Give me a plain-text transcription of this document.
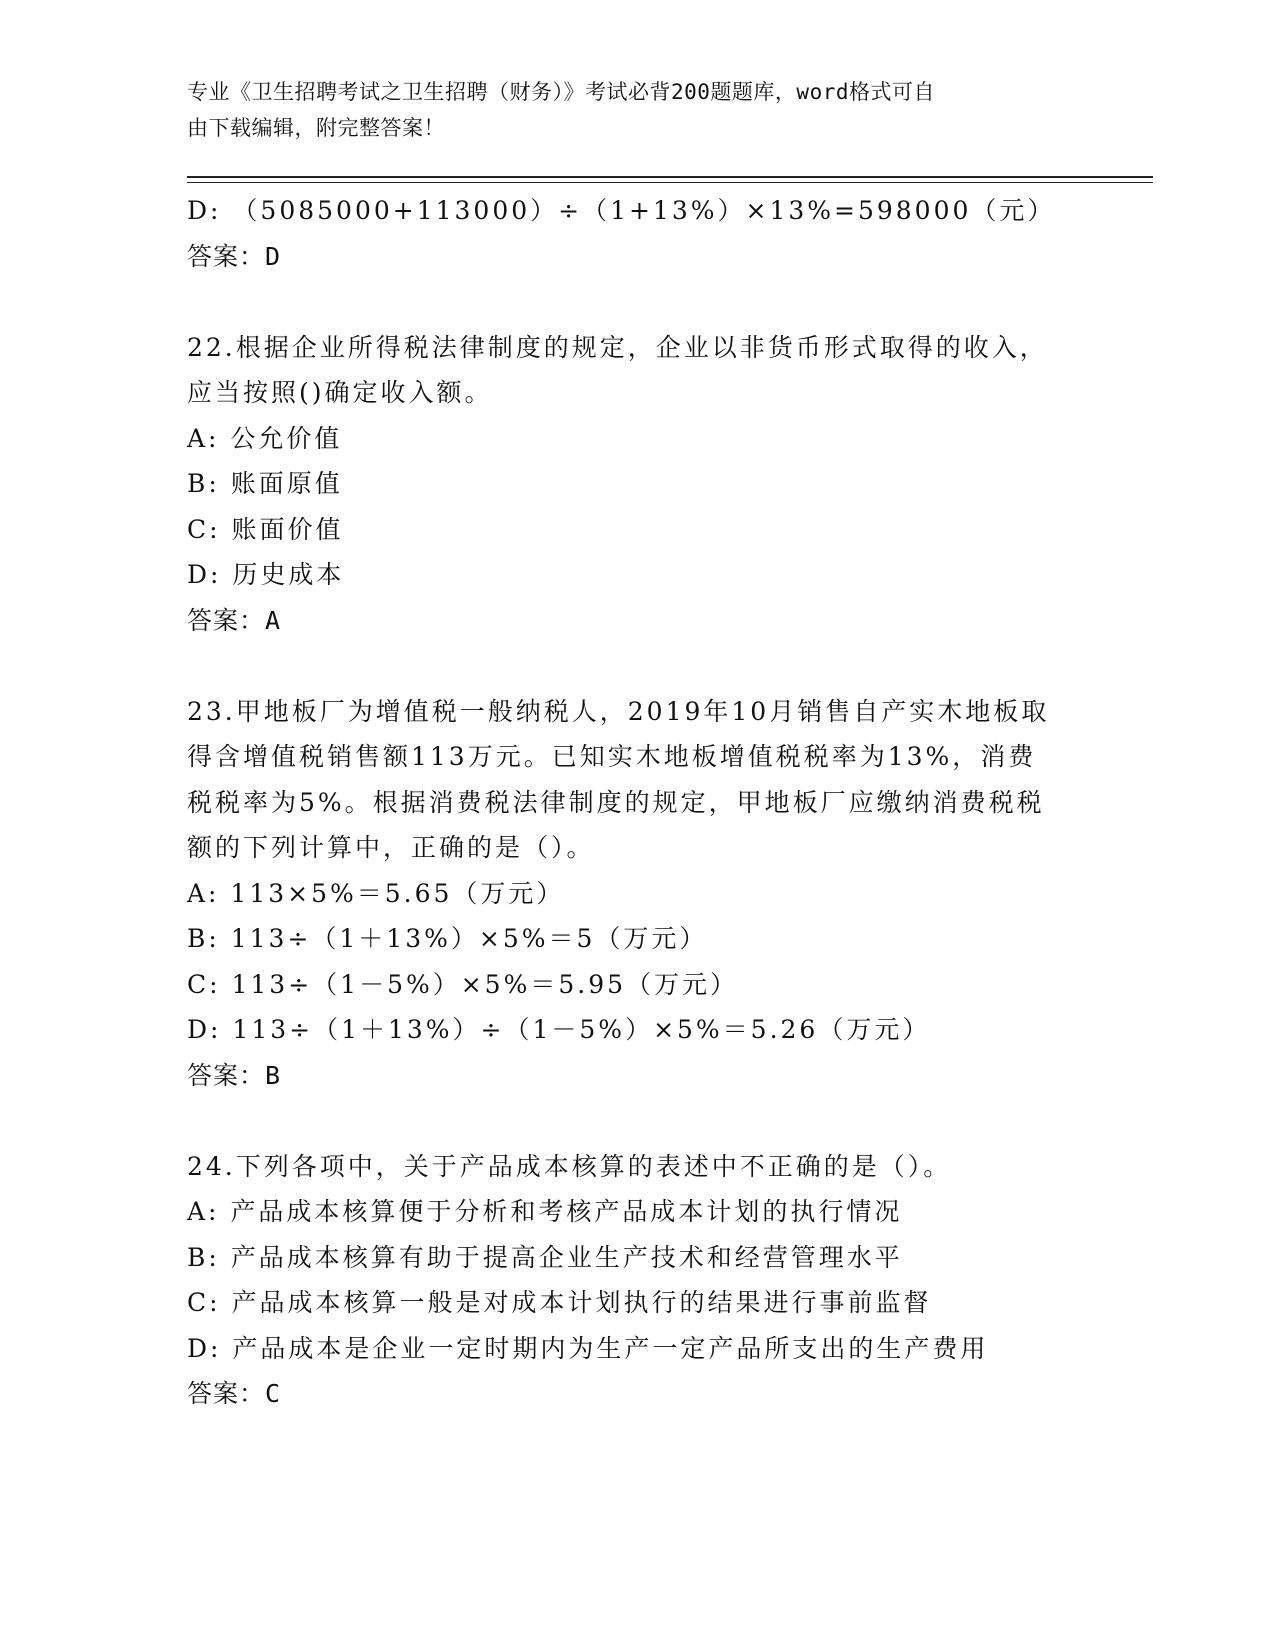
专业《卫生招聘考试之卫生招聘（财务）》考试必背200题题库，word格式可自
由下载编辑，附完整答案！
D: （5085000+113000）÷（1+13%）×13%=598000（元）
答案：D
22.根据企业所得税法律制度的规定，企业以非货币形式取得的收入，
应当按照()确定收入额。
A: 公允价值
B: 账面原值
C: 账面价值
D: 历史成本
答案：A
23.甲地板厂为增值税一般纳税人，2019年10月销售自产实木地板取
得含增值税销售额113万元。已知实木地板增值税税率为13%，消费
税税率为5%。根据消费税法律制度的规定，甲地板厂应缴纳消费税税
额的下列计算中，正确的是（）。
A: 113×5%＝5.65（万元）
B: 113÷（1＋13%）×5%＝5（万元）
C: 113÷（1－5%）×5%＝5.95（万元）
D: 113÷（1＋13%）÷（1－5%）×5%＝5.26（万元）
答案：B
24.下列各项中，关于产品成本核算的表述中不正确的是（）。
A: 产品成本核算便于分析和考核产品成本计划的执行情况
B: 产品成本核算有助于提高企业生产技术和经营管理水平
C: 产品成本核算一般是对成本计划执行的结果进行事前监督
D: 产品成本是企业一定时期内为生产一定产品所支出的生产费用
答案：C
